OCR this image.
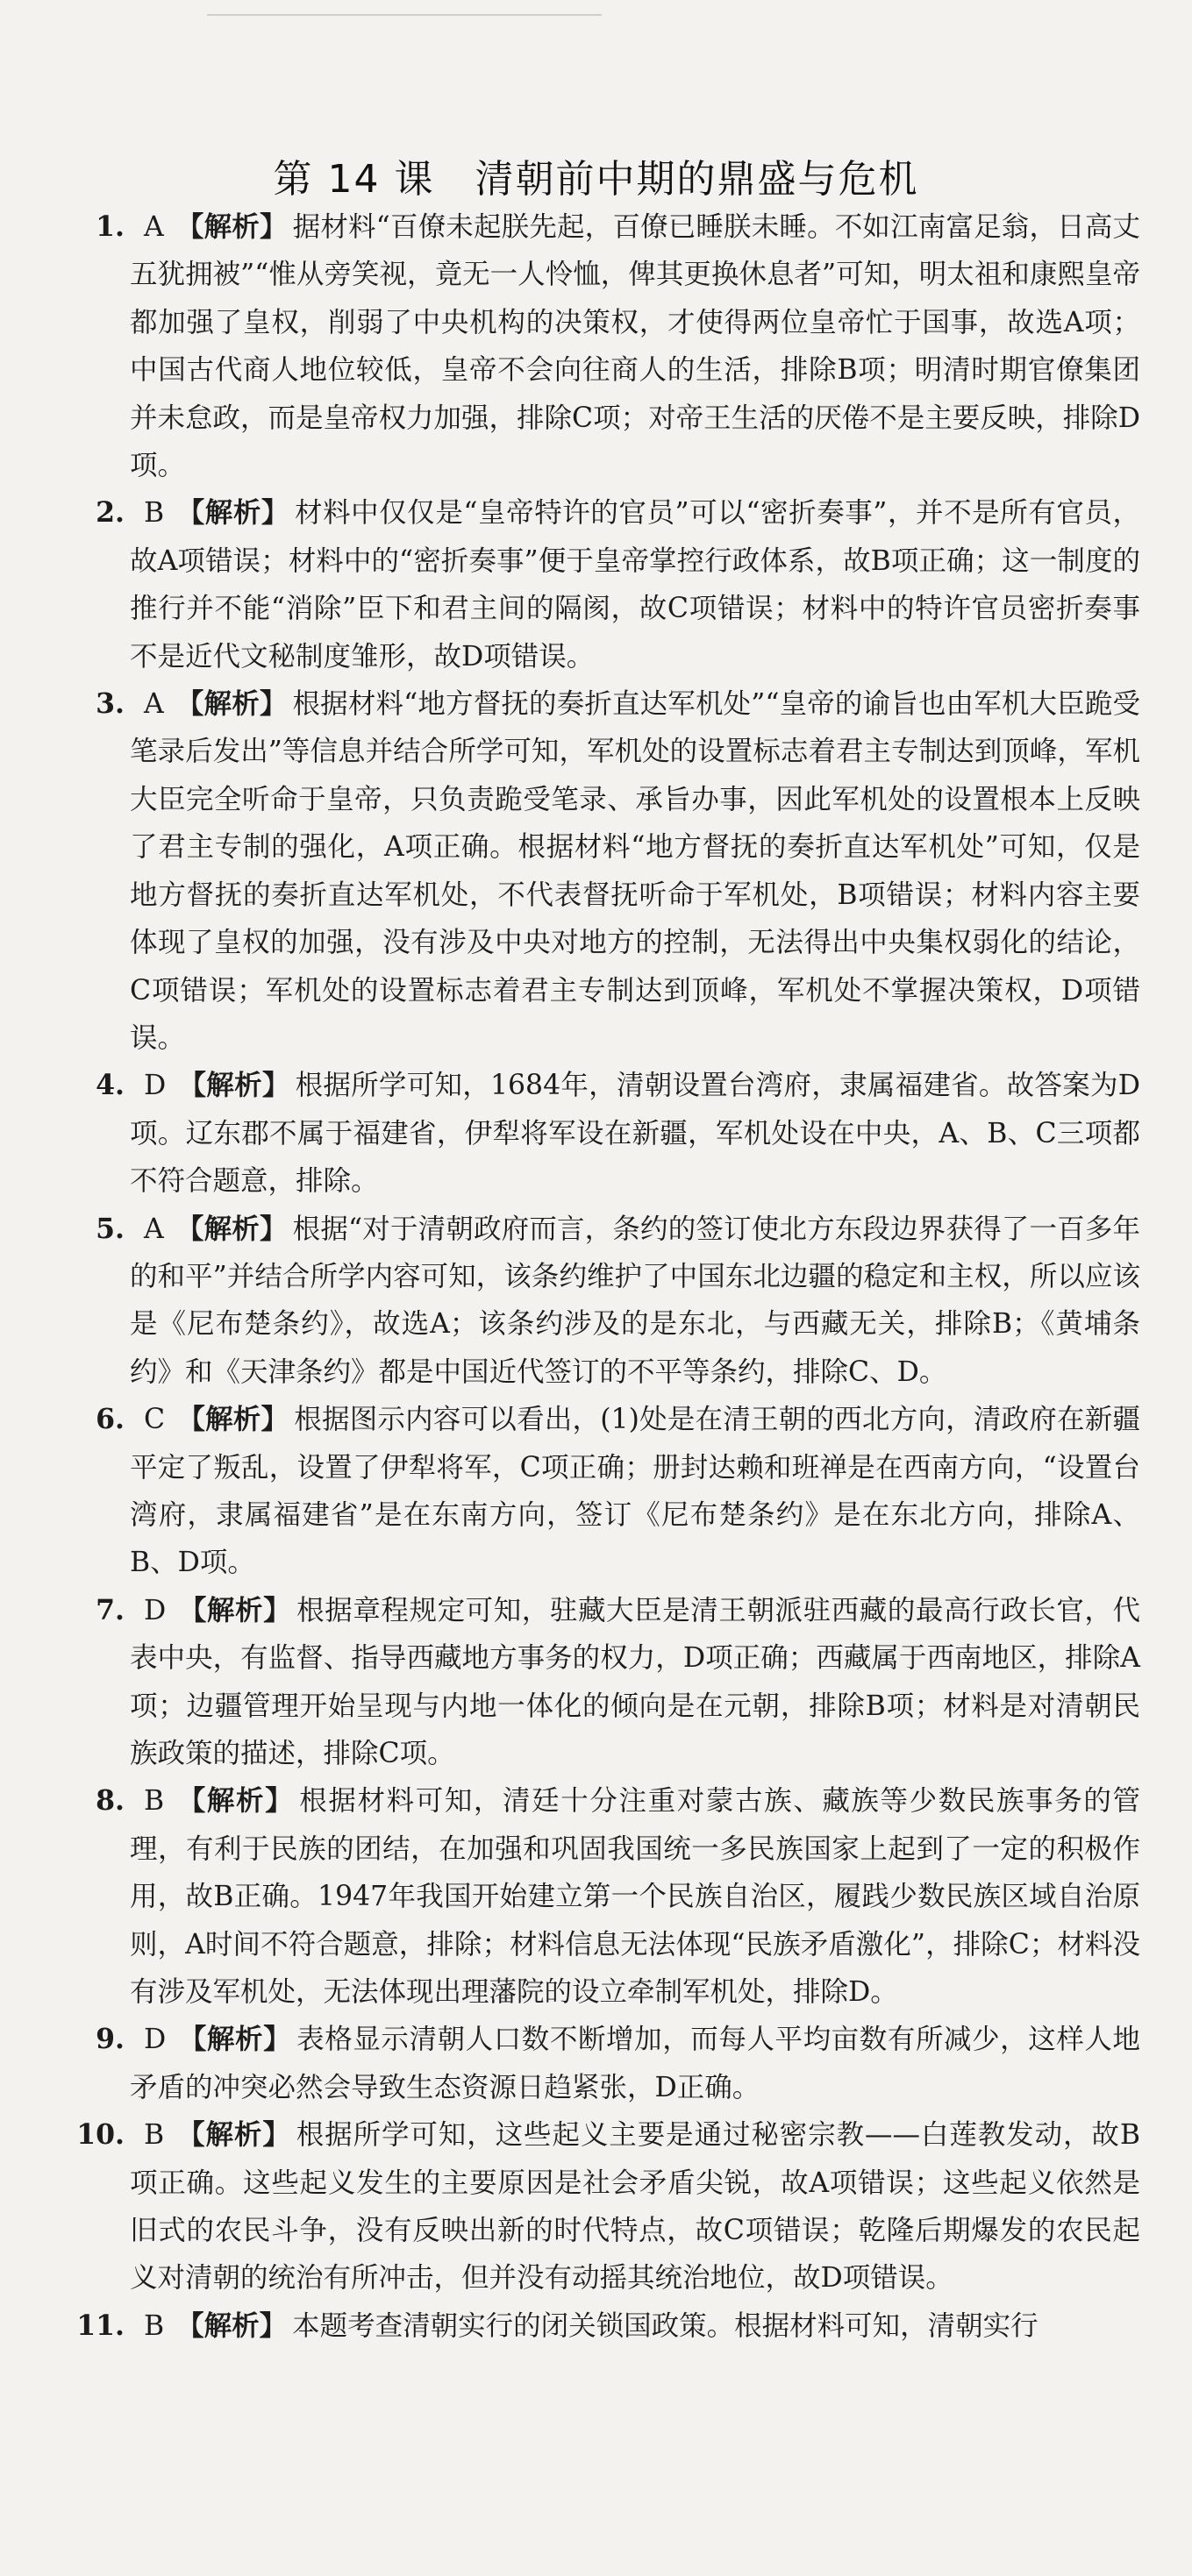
第 14 课　清朝前中期的鼎盛与危机
1. A 【解析】 据材料“百僚未起朕先起，百僚已睡朕未睡。不如江南富足翁，日高丈五犹拥被”“惟从旁笑视，竟无一人怜恤，俾其更换休息者”可知，明太祖和康熙皇帝都加强了皇权，削弱了中央机构的决策权，才使得两位皇帝忙于国事，故选A项；中国古代商人地位较低，皇帝不会向往商人的生活，排除B项；明清时期官僚集团并未怠政，而是皇帝权力加强，排除C项；对帝王生活的厌倦不是主要反映，排除D项。
2. B 【解析】 材料中仅仅是“皇帝特许的官员”可以“密折奏事”，并不是所有官员，故A项错误；材料中的“密折奏事”便于皇帝掌控行政体系，故B项正确；这一制度的推行并不能“消除”臣下和君主间的隔阂，故C项错误；材料中的特许官员密折奏事不是近代文秘制度雏形，故D项错误。
3. A 【解析】 根据材料“地方督抚的奏折直达军机处”“皇帝的谕旨也由军机大臣跪受笔录后发出”等信息并结合所学可知，军机处的设置标志着君主专制达到顶峰，军机大臣完全听命于皇帝，只负责跪受笔录、承旨办事，因此军机处的设置根本上反映了君主专制的强化，A项正确。根据材料“地方督抚的奏折直达军机处”可知，仅是地方督抚的奏折直达军机处，不代表督抚听命于军机处，B项错误；材料内容主要体现了皇权的加强，没有涉及中央对地方的控制，无法得出中央集权弱化的结论，C项错误；军机处的设置标志着君主专制达到顶峰，军机处不掌握决策权，D项错误。
4. D 【解析】 根据所学可知，1684年，清朝设置台湾府，隶属福建省。故答案为D项。辽东郡不属于福建省，伊犁将军设在新疆，军机处设在中央，A、B、C三项都不符合题意，排除。
5. A 【解析】 根据“对于清朝政府而言，条约的签订使北方东段边界获得了一百多年的和平”并结合所学内容可知，该条约维护了中国东北边疆的稳定和主权，所以应该是《尼布楚条约》，故选A；该条约涉及的是东北，与西藏无关，排除B；《黄埔条约》和《天津条约》都是中国近代签订的不平等条约，排除C、D。
6. C 【解析】 根据图示内容可以看出，(1)处是在清王朝的西北方向，清政府在新疆平定了叛乱，设置了伊犁将军，C项正确；册封达赖和班禅是在西南方向，“设置台湾府，隶属福建省”是在东南方向，签订《尼布楚条约》是在东北方向，排除A、B、D项。
7. D 【解析】 根据章程规定可知，驻藏大臣是清王朝派驻西藏的最高行政长官，代表中央，有监督、指导西藏地方事务的权力，D项正确；西藏属于西南地区，排除A项；边疆管理开始呈现与内地一体化的倾向是在元朝，排除B项；材料是对清朝民族政策的描述，排除C项。
8. B 【解析】 根据材料可知，清廷十分注重对蒙古族、藏族等少数民族事务的管理，有利于民族的团结，在加强和巩固我国统一多民族国家上起到了一定的积极作用，故B正确。1947年我国开始建立第一个民族自治区，履践少数民族区域自治原则，A时间不符合题意，排除；材料信息无法体现“民族矛盾激化”，排除C；材料没有涉及军机处，无法体现出理藩院的设立牵制军机处，排除D。
9. D 【解析】 表格显示清朝人口数不断增加，而每人平均亩数有所减少，这样人地矛盾的冲突必然会导致生态资源日趋紧张，D正确。
10. B 【解析】 根据所学可知，这些起义主要是通过秘密宗教——白莲教发动，故B项正确。这些起义发生的主要原因是社会矛盾尖锐，故A项错误；这些起义依然是旧式的农民斗争，没有反映出新的时代特点，故C项错误；乾隆后期爆发的农民起义对清朝的统治有所冲击，但并没有动摇其统治地位，故D项错误。
11. B 【解析】 本题考查清朝实行的闭关锁国政策。根据材料可知，清朝实行
